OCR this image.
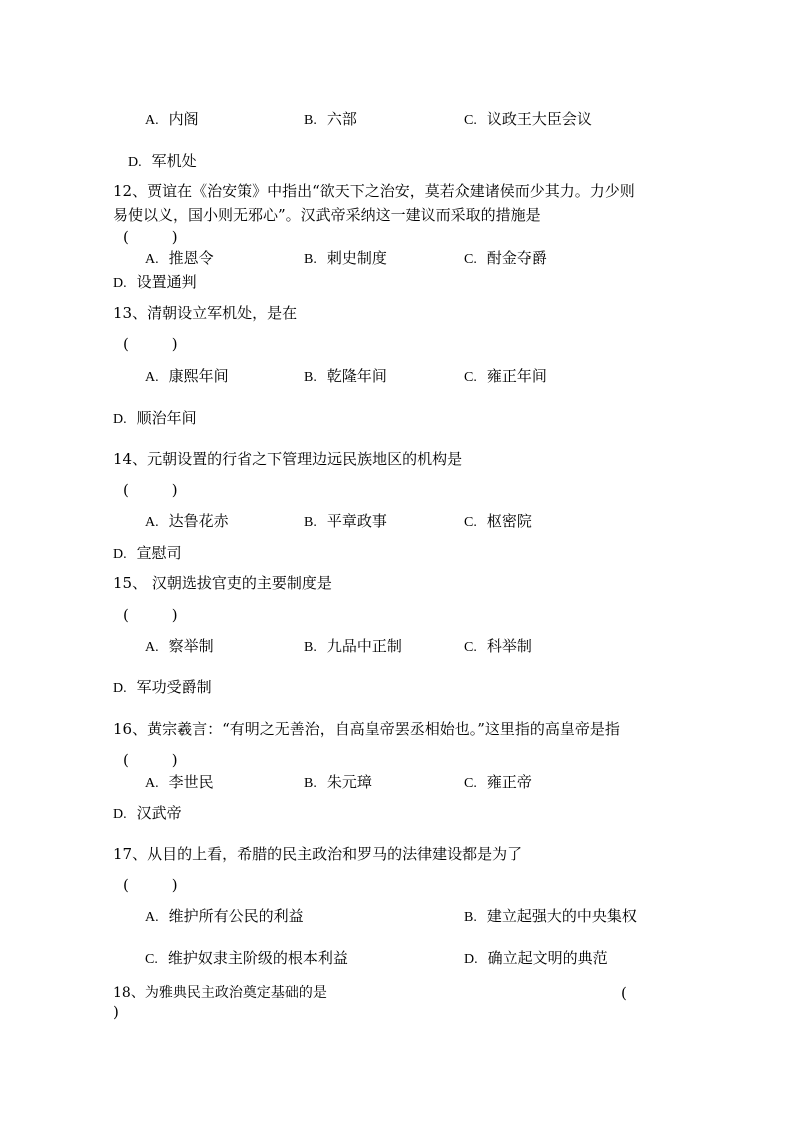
A. 内阁	B. 六部	C. 议政王大臣会议
D. 军机处
12、贾谊在《治安策》中指出“欲天下之治安，莫若众建诸侯而少其力。力少则
易使以义，国小则无邪心”。汉武帝采纳这一建议而采取的措施是
(         )
A. 推恩令	B. 刺史制度	C. 酎金夺爵
D. 设置通判
13、清朝设立军机处，是在
(         )
A. 康熙年间	B. 乾隆年间	C. 雍正年间
D. 顺治年间
14、元朝设置的行省之下管理边远民族地区的机构是
(         )
A. 达鲁花赤	B. 平章政事	C. 枢密院
D. 宣慰司
15、 汉朝选拔官吏的主要制度是
(         )
A. 察举制	B. 九品中正制	C. 科举制
D. 军功受爵制
16、黄宗羲言：“有明之无善治，自高皇帝罢丞相始也。”这里指的高皇帝是指
(         )
A. 李世民	B. 朱元璋	C. 雍正帝
D. 汉武帝
17、从目的上看，希腊的民主政治和罗马的法律建设都是为了
(         )
A. 维护所有公民的利益	B. 建立起强大的中央集权
C. 维护奴隶主阶级的根本利益	D. 确立起文明的典范
18、为雅典民主政治奠定基础的是	(
)
